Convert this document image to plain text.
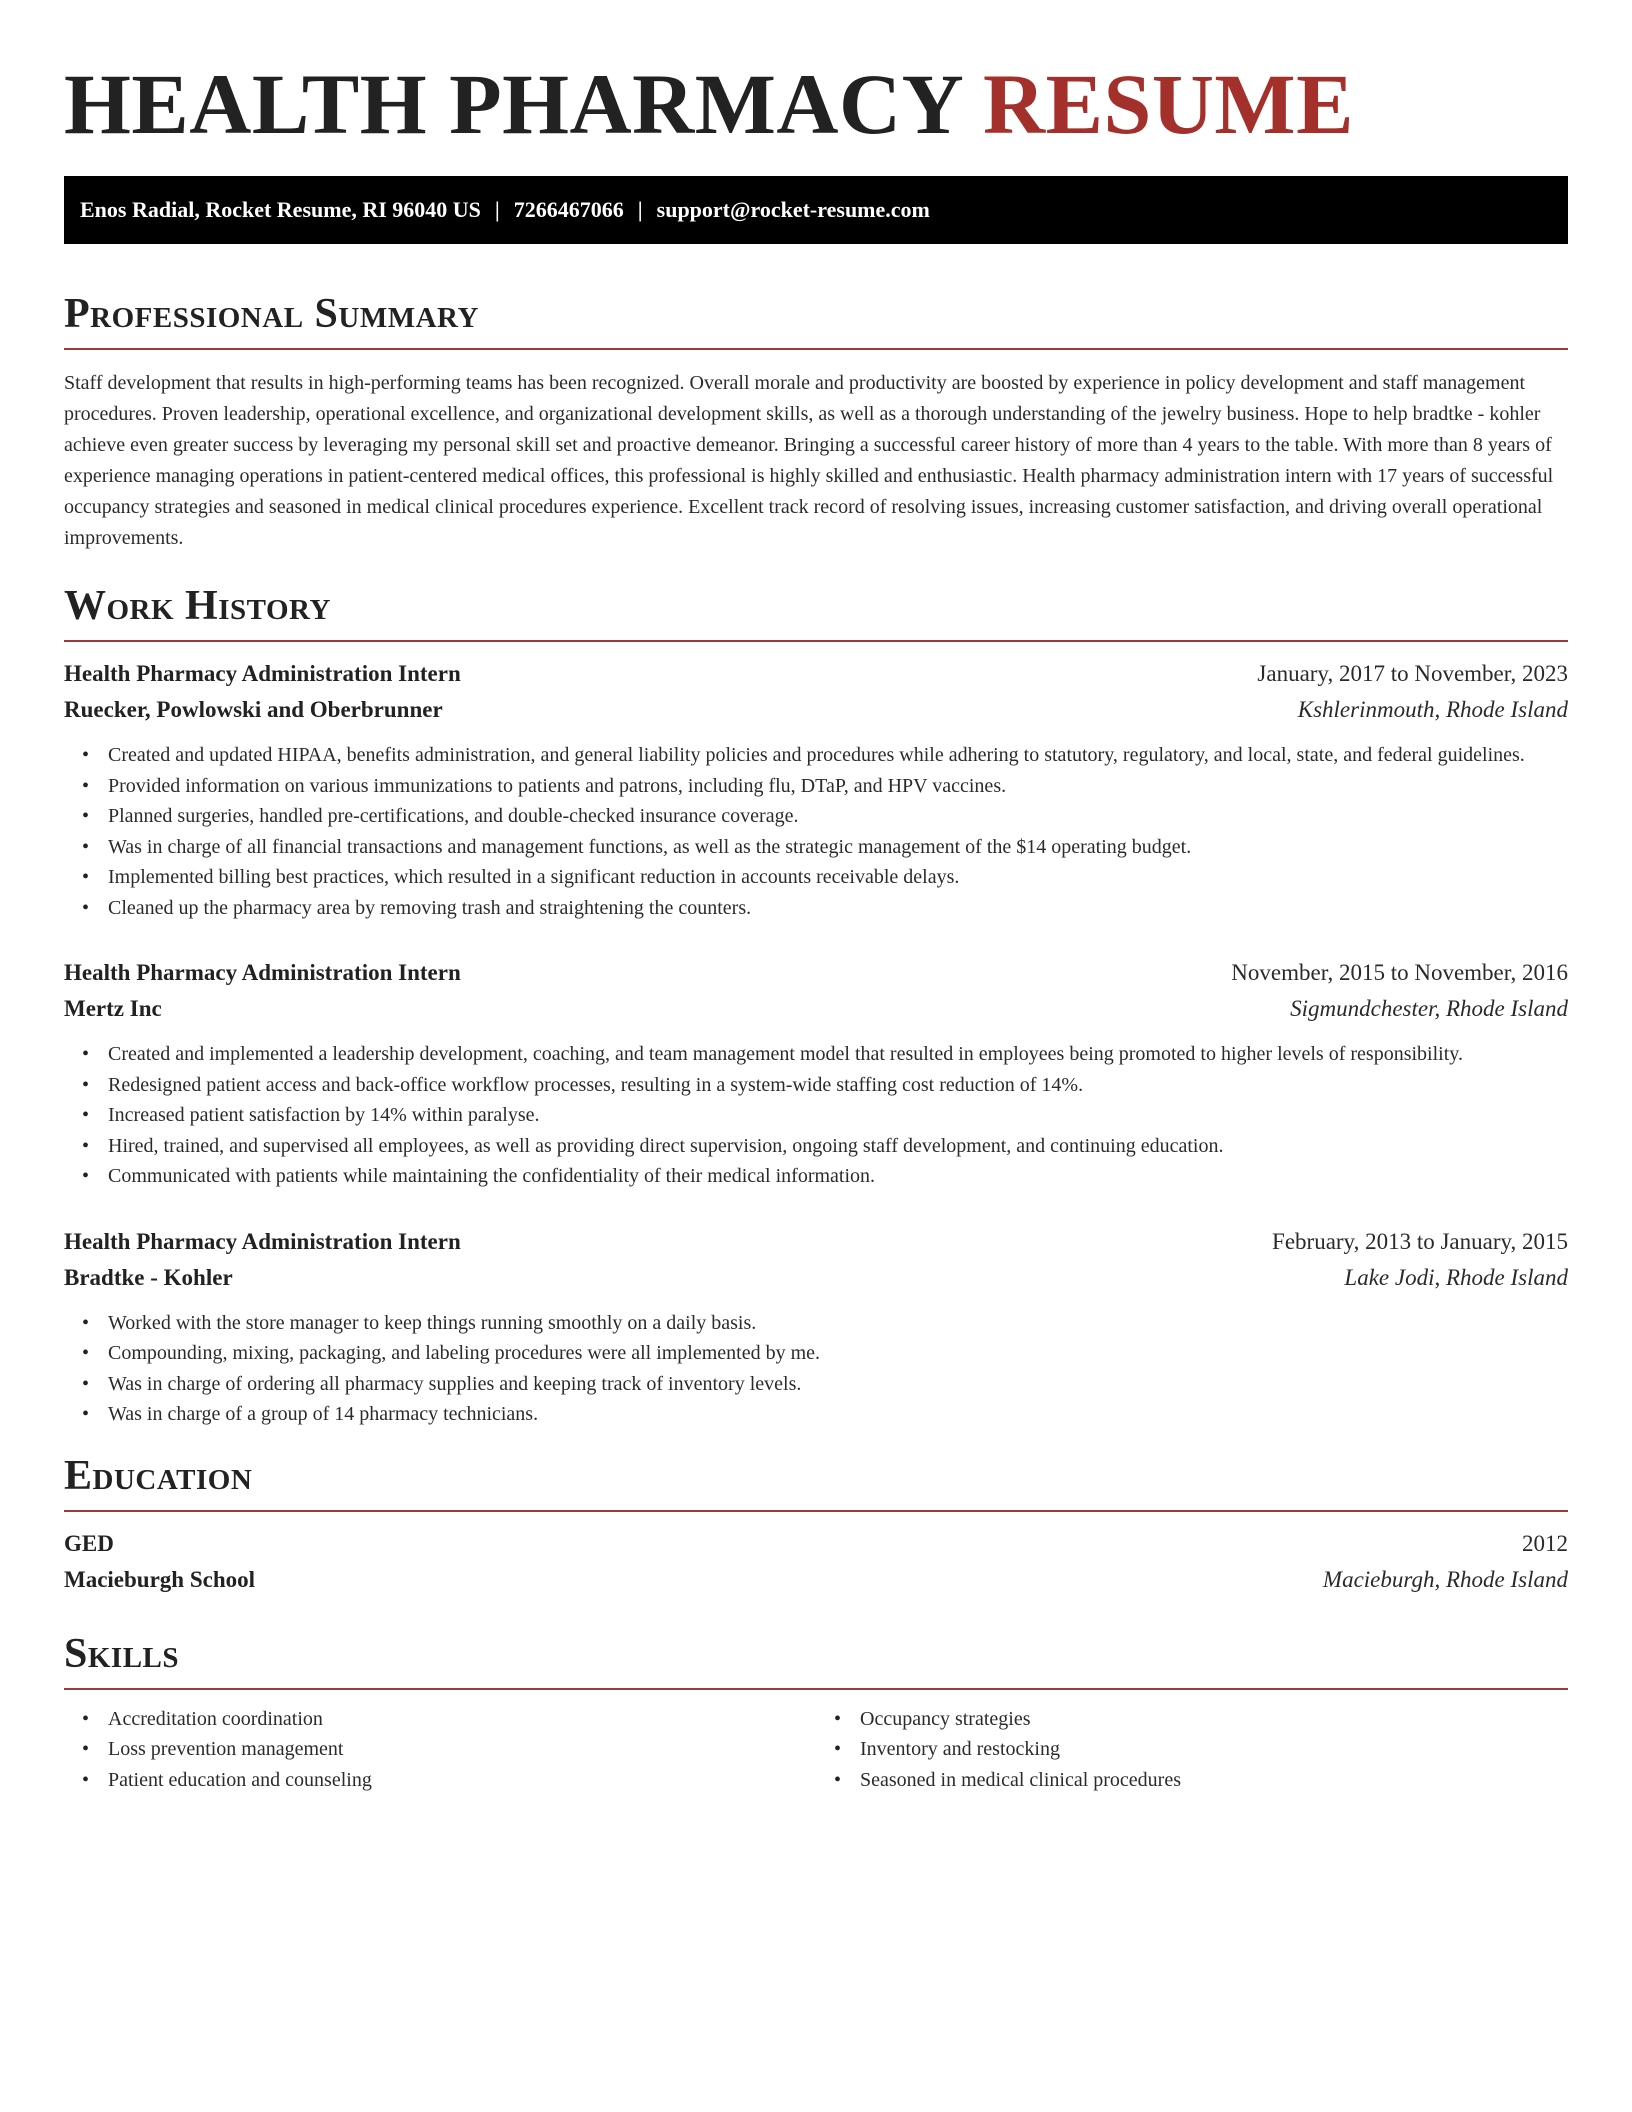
HEALTH PHARMACY RESUME
Enos Radial, Rocket Resume, RI 96040 US | 7266467066 | support@rocket-resume.com
Professional Summary

Staff development that results in high-performing teams has been recognized. Overall morale and productivity are boosted by experience in policy development and staff management procedures. Proven leadership, operational excellence, and organizational development skills, as well as a thorough understanding of the jewelry business. Hope to help bradtke - kohler achieve even greater success by leveraging my personal skill set and proactive demeanor. Bringing a successful career history of more than 4 years to the table. With more than 8 years of experience managing operations in patient-centered medical offices, this professional is highly skilled and enthusiastic. Health pharmacy administration intern with 17 years of successful occupancy strategies and seasoned in medical clinical procedures experience. Excellent track record of resolving issues, increasing customer satisfaction, and driving overall operational improvements.

Work History
Health Pharmacy Administration Intern	January, 2017 to November, 2023
Ruecker, Powlowski and Oberbrunner	Kshlerinmouth, Rhode Island
• Created and updated HIPAA, benefits administration, and general liability policies and procedures while adhering to statutory, regulatory, and local, state, and federal guidelines.
• Provided information on various immunizations to patients and patrons, including flu, DTaP, and HPV vaccines.
• Planned surgeries, handled pre-certifications, and double-checked insurance coverage.
• Was in charge of all financial transactions and management functions, as well as the strategic management of the $14 operating budget.
• Implemented billing best practices, which resulted in a significant reduction in accounts receivable delays.
• Cleaned up the pharmacy area by removing trash and straightening the counters.
Health Pharmacy Administration Intern	November, 2015 to November, 2016
Mertz Inc	Sigmundchester, Rhode Island
• Created and implemented a leadership development, coaching, and team management model that resulted in employees being promoted to higher levels of responsibility.
• Redesigned patient access and back-office workflow processes, resulting in a system-wide staffing cost reduction of 14%.
• Increased patient satisfaction by 14% within paralyse.
• Hired, trained, and supervised all employees, as well as providing direct supervision, ongoing staff development, and continuing education.
• Communicated with patients while maintaining the confidentiality of their medical information.
Health Pharmacy Administration Intern	February, 2013 to January, 2015
Bradtke - Kohler	Lake Jodi, Rhode Island
• Worked with the store manager to keep things running smoothly on a daily basis.
• Compounding, mixing, packaging, and labeling procedures were all implemented by me.
• Was in charge of ordering all pharmacy supplies and keeping track of inventory levels.
• Was in charge of a group of 14 pharmacy technicians.
Education
GED	2012
Macieburgh School	Macieburgh, Rhode Island
Skills
• Accreditation coordination
• Loss prevention management
• Patient education and counseling
• Occupancy strategies
• Inventory and restocking
• Seasoned in medical clinical procedures
